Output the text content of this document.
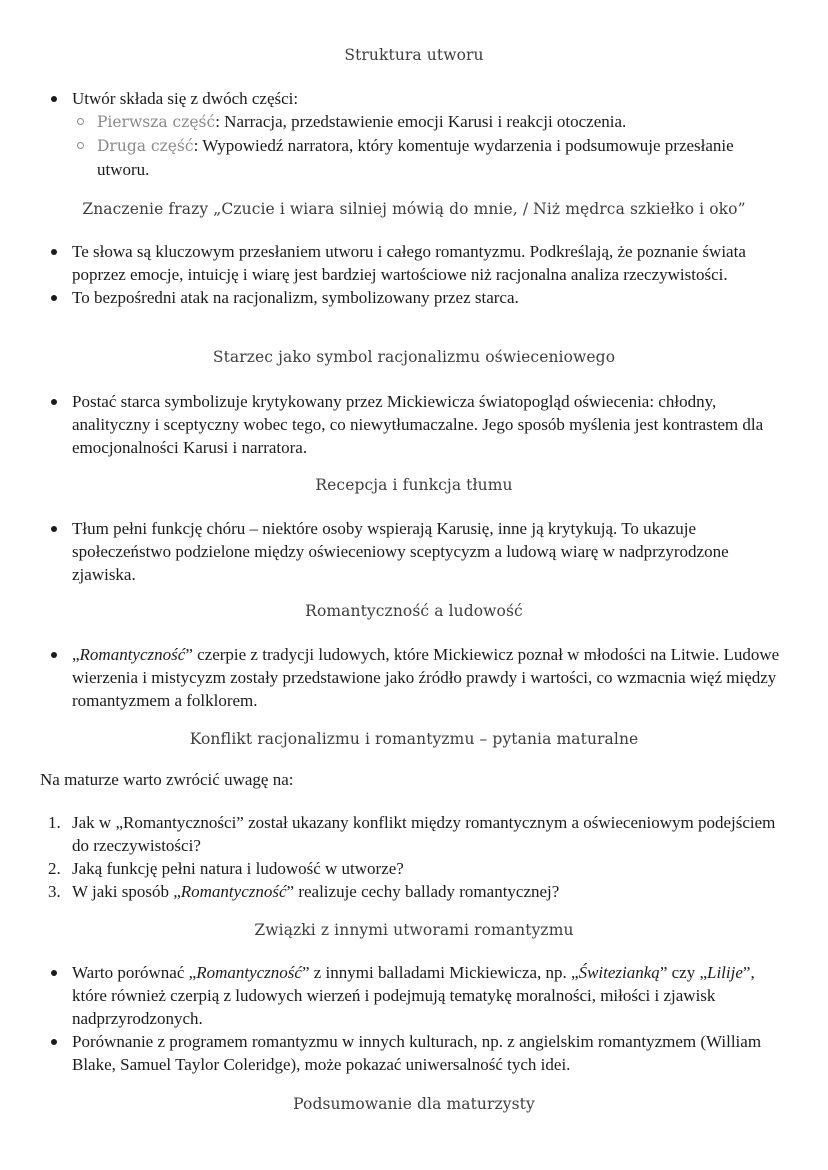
Struktura utworu
Utwór składa się z dwóch części:
Pierwsza część: Narracja, przedstawienie emocji Karusi i reakcji otoczenia.
Druga część: Wypowiedź narratora, który komentuje wydarzenia i podsumowuje przesłanie utworu.
Znaczenie frazy „Czucie i wiara silniej mówią do mnie, / Niż mędrca szkiełko i oko”
Te słowa są kluczowym przesłaniem utworu i całego romantyzmu. Podkreślają, że poznanie świata poprzez emocje, intuicję i wiarę jest bardziej wartościowe niż racjonalna analiza rzeczywistości.
To bezpośredni atak na racjonalizm, symbolizowany przez starca.
Starzec jako symbol racjonalizmu oświeceniowego
Postać starca symbolizuje krytykowany przez Mickiewicza światopogląd oświecenia: chłodny, analityczny i sceptyczny wobec tego, co niewytłumaczalne. Jego sposób myślenia jest kontrastem dla emocjonalności Karusi i narratora.
Recepcja i funkcja tłumu
Tłum pełni funkcję chóru – niektóre osoby wspierają Karusię, inne ją krytykują. To ukazuje społeczeństwo podzielone między oświeceniowy sceptycyzm a ludową wiarę w nadprzyrodzone zjawiska.
Romantyczność a ludowość
„Romantyczność” czerpie z tradycji ludowych, które Mickiewicz poznał w młodości na Litwie. Ludowe wierzenia i mistycyzm zostały przedstawione jako źródło prawdy i wartości, co wzmacnia więź między romantyzmem a folklorem.
Konflikt racjonalizmu i romantyzmu – pytania maturalne
Na maturze warto zwrócić uwagę na:
1. Jak w „Romantyczności” został ukazany konflikt między romantycznym a oświeceniowym podejściem do rzeczywistości?
2. Jaką funkcję pełni natura i ludowość w utworze?
3. W jaki sposób „Romantyczność” realizuje cechy ballady romantycznej?
Związki z innymi utworami romantyzmu
Warto porównać „Romantyczność” z innymi balladami Mickiewicza, np. „Świtezianką” czy „Lilije”, które również czerpią z ludowych wierzeń i podejmują tematykę moralności, miłości i zjawisk nadprzyrodzonych.
Porównanie z programem romantyzmu w innych kulturach, np. z angielskim romantyzmem (William Blake, Samuel Taylor Coleridge), może pokazać uniwersalność tych idei.
Podsumowanie dla maturzysty
